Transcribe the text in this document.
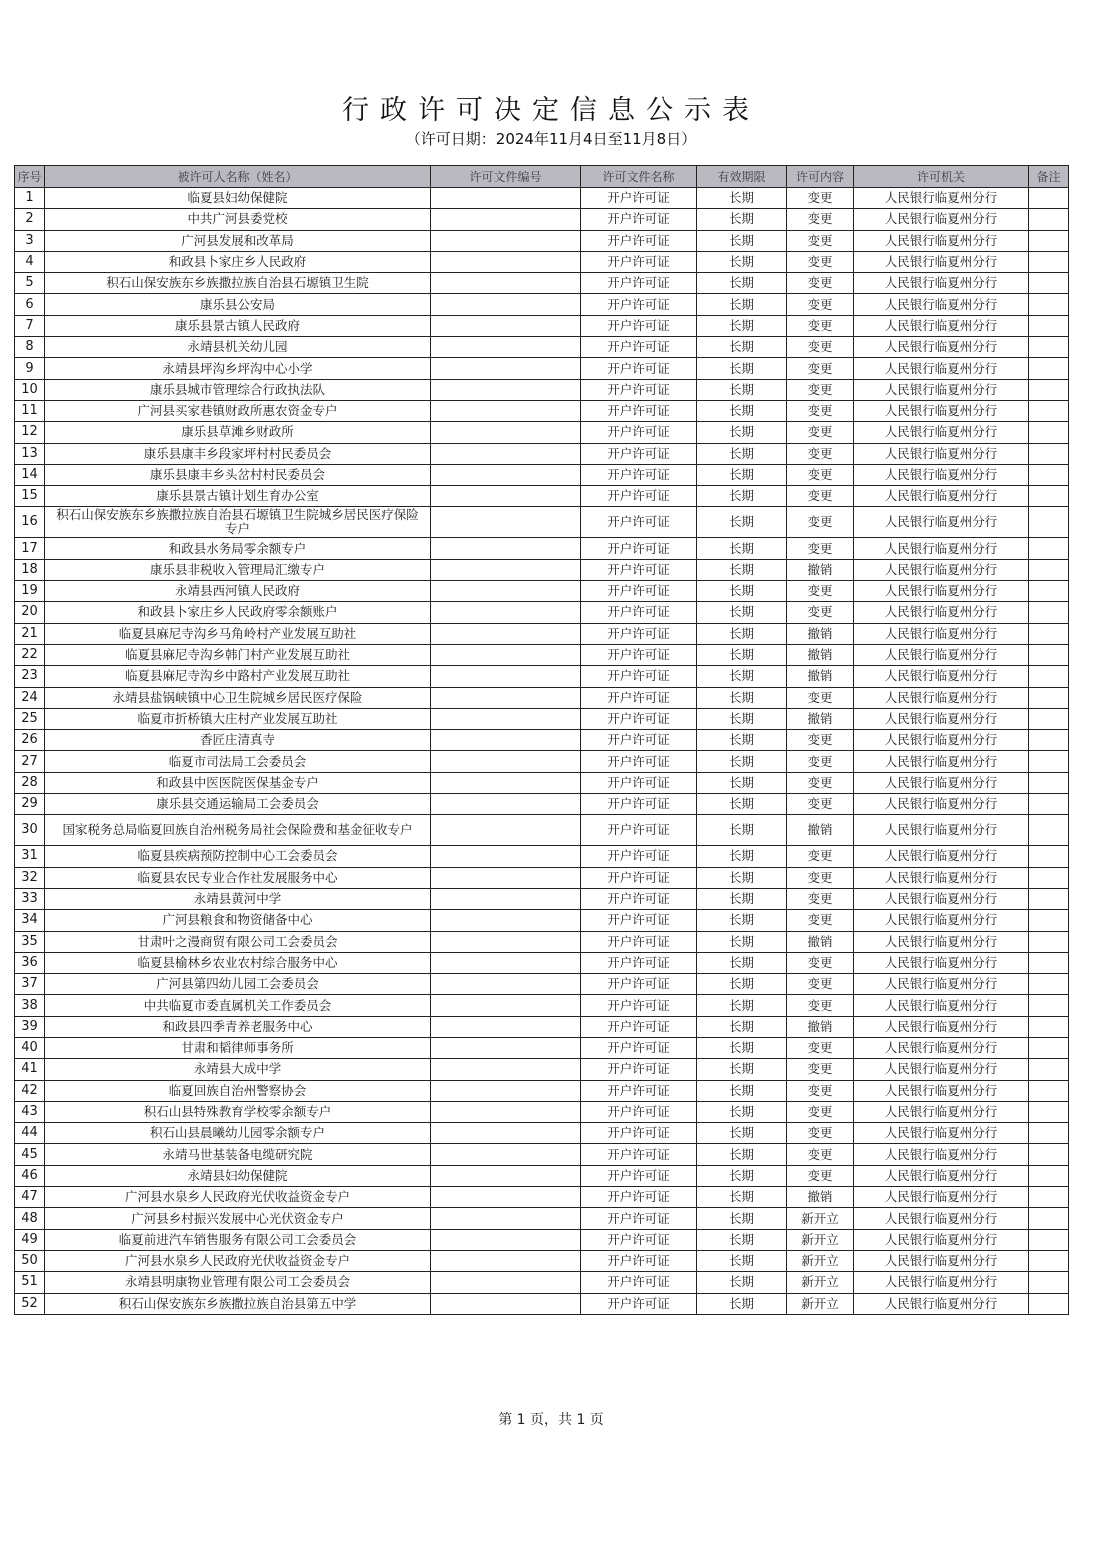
行政许可决定信息公示表
（许可日期：2024年11月4日至11月8日）
序号	被许可人名称（姓名）	许可文件编号	许可文件名称	有效期限	许可内容	许可机关	备注
1	临夏县妇幼保健院		开户许可证	长期	变更	人民银行临夏州分行	
2	中共广河县委党校		开户许可证	长期	变更	人民银行临夏州分行	
3	广河县发展和改革局		开户许可证	长期	变更	人民银行临夏州分行	
4	和政县卜家庄乡人民政府		开户许可证	长期	变更	人民银行临夏州分行	
5	积石山保安族东乡族撒拉族自治县石塬镇卫生院		开户许可证	长期	变更	人民银行临夏州分行	
6	康乐县公安局		开户许可证	长期	变更	人民银行临夏州分行	
7	康乐县景古镇人民政府		开户许可证	长期	变更	人民银行临夏州分行	
8	永靖县机关幼儿园		开户许可证	长期	变更	人民银行临夏州分行	
9	永靖县坪沟乡坪沟中心小学		开户许可证	长期	变更	人民银行临夏州分行	
10	康乐县城市管理综合行政执法队		开户许可证	长期	变更	人民银行临夏州分行	
11	广河县买家巷镇财政所惠农资金专户		开户许可证	长期	变更	人民银行临夏州分行	
12	康乐县草滩乡财政所		开户许可证	长期	变更	人民银行临夏州分行	
13	康乐县康丰乡段家坪村村民委员会		开户许可证	长期	变更	人民银行临夏州分行	
14	康乐县康丰乡头岔村村民委员会		开户许可证	长期	变更	人民银行临夏州分行	
15	康乐县景古镇计划生育办公室		开户许可证	长期	变更	人民银行临夏州分行	
16	积石山保安族东乡族撒拉族自治县石塬镇卫生院城乡居民医疗保险专户		开户许可证	长期	变更	人民银行临夏州分行	
17	和政县水务局零余额专户		开户许可证	长期	变更	人民银行临夏州分行	
18	康乐县非税收入管理局汇缴专户		开户许可证	长期	撤销	人民银行临夏州分行	
19	永靖县西河镇人民政府		开户许可证	长期	变更	人民银行临夏州分行	
20	和政县卜家庄乡人民政府零余额账户		开户许可证	长期	变更	人民银行临夏州分行	
21	临夏县麻尼寺沟乡马角岭村产业发展互助社		开户许可证	长期	撤销	人民银行临夏州分行	
22	临夏县麻尼寺沟乡韩门村产业发展互助社		开户许可证	长期	撤销	人民银行临夏州分行	
23	临夏县麻尼寺沟乡中路村产业发展互助社		开户许可证	长期	撤销	人民银行临夏州分行	
24	永靖县盐锅峡镇中心卫生院城乡居民医疗保险		开户许可证	长期	变更	人民银行临夏州分行	
25	临夏市折桥镇大庄村产业发展互助社		开户许可证	长期	撤销	人民银行临夏州分行	
26	香匠庄清真寺		开户许可证	长期	变更	人民银行临夏州分行	
27	临夏市司法局工会委员会		开户许可证	长期	变更	人民银行临夏州分行	
28	和政县中医医院医保基金专户		开户许可证	长期	变更	人民银行临夏州分行	
29	康乐县交通运输局工会委员会		开户许可证	长期	变更	人民银行临夏州分行	
30	国家税务总局临夏回族自治州税务局社会保险费和基金征收专户		开户许可证	长期	撤销	人民银行临夏州分行	
31	临夏县疾病预防控制中心工会委员会		开户许可证	长期	变更	人民银行临夏州分行	
32	临夏县农民专业合作社发展服务中心		开户许可证	长期	变更	人民银行临夏州分行	
33	永靖县黄河中学		开户许可证	长期	变更	人民银行临夏州分行	
34	广河县粮食和物资储备中心		开户许可证	长期	变更	人民银行临夏州分行	
35	甘肃叶之漫商贸有限公司工会委员会		开户许可证	长期	撤销	人民银行临夏州分行	
36	临夏县榆林乡农业农村综合服务中心		开户许可证	长期	变更	人民银行临夏州分行	
37	广河县第四幼儿园工会委员会		开户许可证	长期	变更	人民银行临夏州分行	
38	中共临夏市委直属机关工作委员会		开户许可证	长期	变更	人民银行临夏州分行	
39	和政县四季青养老服务中心		开户许可证	长期	撤销	人民银行临夏州分行	
40	甘肃和韬律师事务所		开户许可证	长期	变更	人民银行临夏州分行	
41	永靖县大成中学		开户许可证	长期	变更	人民银行临夏州分行	
42	临夏回族自治州警察协会		开户许可证	长期	变更	人民银行临夏州分行	
43	积石山县特殊教育学校零余额专户		开户许可证	长期	变更	人民银行临夏州分行	
44	积石山县晨曦幼儿园零余额专户		开户许可证	长期	变更	人民银行临夏州分行	
45	永靖马世基装备电缆研究院		开户许可证	长期	变更	人民银行临夏州分行	
46	永靖县妇幼保健院		开户许可证	长期	变更	人民银行临夏州分行	
47	广河县水泉乡人民政府光伏收益资金专户		开户许可证	长期	撤销	人民银行临夏州分行	
48	广河县乡村振兴发展中心光伏资金专户		开户许可证	长期	新开立	人民银行临夏州分行	
49	临夏前进汽车销售服务有限公司工会委员会		开户许可证	长期	新开立	人民银行临夏州分行	
50	广河县水泉乡人民政府光伏收益资金专户		开户许可证	长期	新开立	人民银行临夏州分行	
51	永靖县明康物业管理有限公司工会委员会		开户许可证	长期	新开立	人民银行临夏州分行	
52	积石山保安族东乡族撒拉族自治县第五中学		开户许可证	长期	新开立	人民银行临夏州分行	
第 1 页，共 1 页
